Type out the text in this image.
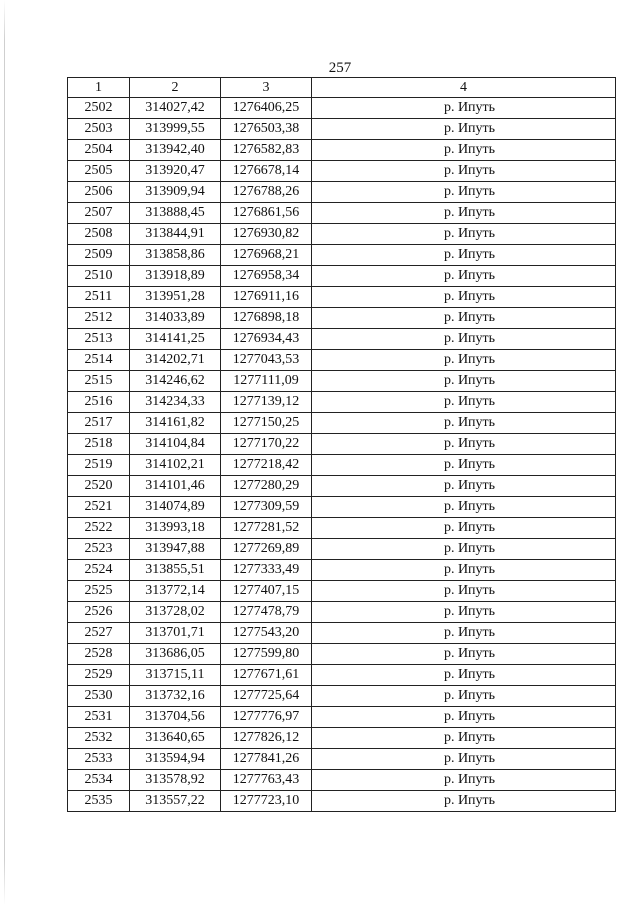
257
1	2	3	4
2502	314027,42	1276406,25	р. Ипуть
2503	313999,55	1276503,38	р. Ипуть
2504	313942,40	1276582,83	р. Ипуть
2505	313920,47	1276678,14	р. Ипуть
2506	313909,94	1276788,26	р. Ипуть
2507	313888,45	1276861,56	р. Ипуть
2508	313844,91	1276930,82	р. Ипуть
2509	313858,86	1276968,21	р. Ипуть
2510	313918,89	1276958,34	р. Ипуть
2511	313951,28	1276911,16	р. Ипуть
2512	314033,89	1276898,18	р. Ипуть
2513	314141,25	1276934,43	р. Ипуть
2514	314202,71	1277043,53	р. Ипуть
2515	314246,62	1277111,09	р. Ипуть
2516	314234,33	1277139,12	р. Ипуть
2517	314161,82	1277150,25	р. Ипуть
2518	314104,84	1277170,22	р. Ипуть
2519	314102,21	1277218,42	р. Ипуть
2520	314101,46	1277280,29	р. Ипуть
2521	314074,89	1277309,59	р. Ипуть
2522	313993,18	1277281,52	р. Ипуть
2523	313947,88	1277269,89	р. Ипуть
2524	313855,51	1277333,49	р. Ипуть
2525	313772,14	1277407,15	р. Ипуть
2526	313728,02	1277478,79	р. Ипуть
2527	313701,71	1277543,20	р. Ипуть
2528	313686,05	1277599,80	р. Ипуть
2529	313715,11	1277671,61	р. Ипуть
2530	313732,16	1277725,64	р. Ипуть
2531	313704,56	1277776,97	р. Ипуть
2532	313640,65	1277826,12	р. Ипуть
2533	313594,94	1277841,26	р. Ипуть
2534	313578,92	1277763,43	р. Ипуть
2535	313557,22	1277723,10	р. Ипуть
